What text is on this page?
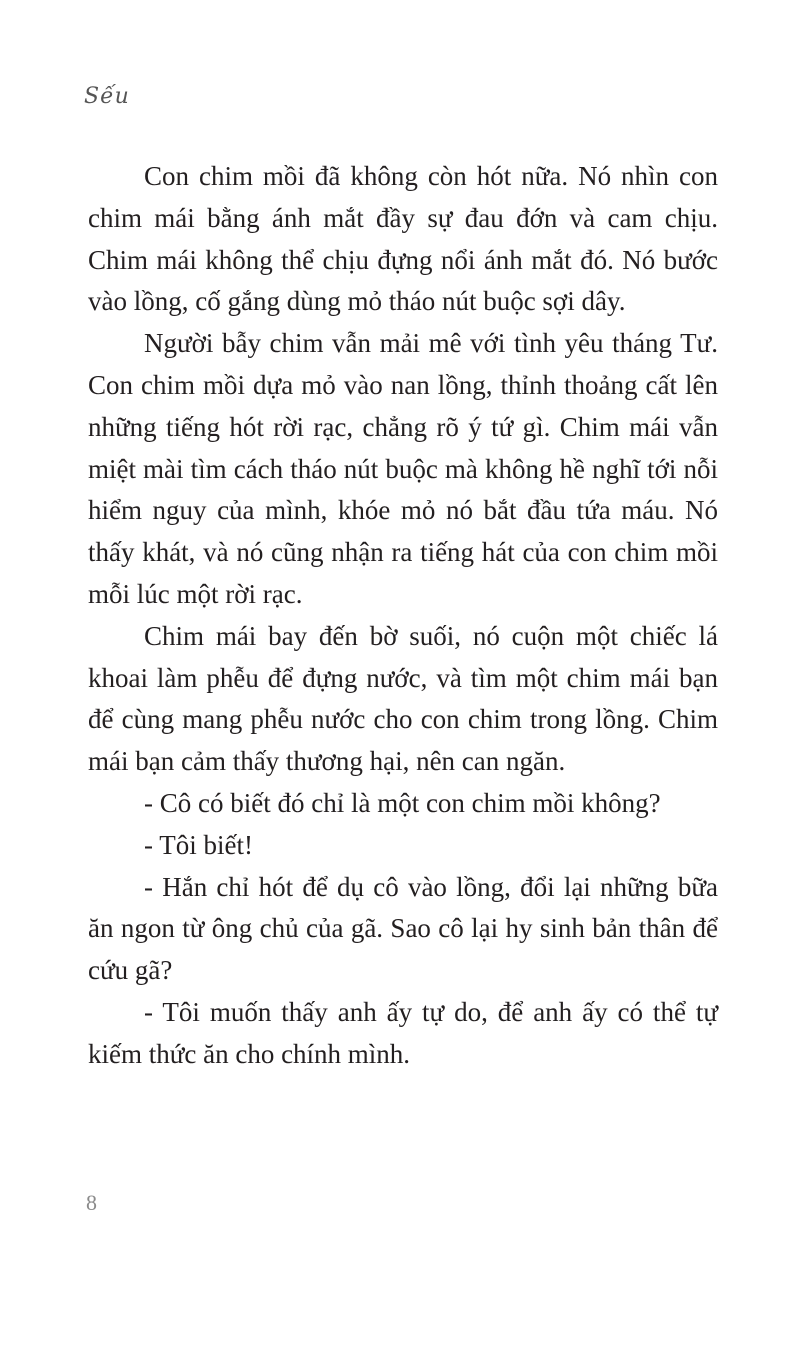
Sếu

Con chim mồi đã không còn hót nữa. Nó nhìn con chim mái bằng ánh mắt đầy sự đau đớn và cam chịu. Chim mái không thể chịu đựng nổi ánh mắt đó. Nó bước vào lồng, cố gắng dùng mỏ tháo nút buộc sợi dây.

Người bẫy chim vẫn mải mê với tình yêu tháng Tư. Con chim mồi dựa mỏ vào nan lồng, thỉnh thoảng cất lên những tiếng hót rời rạc, chẳng rõ ý tứ gì. Chim mái vẫn miệt mài tìm cách tháo nút buộc mà không hề nghĩ tới nỗi hiểm nguy của mình, khóe mỏ nó bắt đầu tứa máu. Nó thấy khát, và nó cũng nhận ra tiếng hát của con chim mồi mỗi lúc một rời rạc.

Chim mái bay đến bờ suối, nó cuộn một chiếc lá khoai làm phễu để đựng nước, và tìm một chim mái bạn để cùng mang phễu nước cho con chim trong lồng. Chim mái bạn cảm thấy thương hại, nên can ngăn.

- Cô có biết đó chỉ là một con chim mồi không?

- Tôi biết!

- Hắn chỉ hót để dụ cô vào lồng, đổi lại những bữa ăn ngon từ ông chủ của gã. Sao cô lại hy sinh bản thân để cứu gã?

- Tôi muốn thấy anh ấy tự do, để anh ấy có thể tự kiếm thức ăn cho chính mình.

8
